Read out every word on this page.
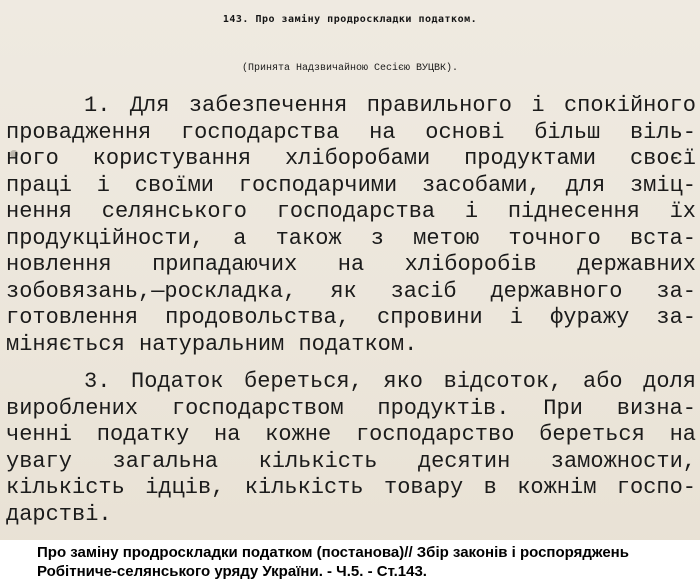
143. Про заміну продроскладки податком.
(Принята Надзвичайною Сесією ВУЦВК).
1. Для забезпечення правильного і спокійного
провадження господарства на основі більш віль-
ного користування хліборобами продуктами своєї
праці і своїми господарчими засобами, для зміц-
нення селянського господарства і піднесення їх
продукційности, а також з метою точного вста-
новлення припадаючих на хліборобів державних
зобовязань,—роскладка, як засіб державного за-
готовлення продовольства, спровини і фуражу за-
міняється натуральним податком.
3. Податок береться, яко відсоток, або доля
вироблених господарством продуктів. При визна-
ченні податку на кожне господарство береться на
увагу загальна кількість десятин заможности,
кількість ідців, кількість товару в кожнім госпо-
дарстві.
Про заміну продроскладки податком (постанова)// Збір законів і роспоряджень
Робітниче-селянського уряду України. - Ч.5. - Ст.143.
